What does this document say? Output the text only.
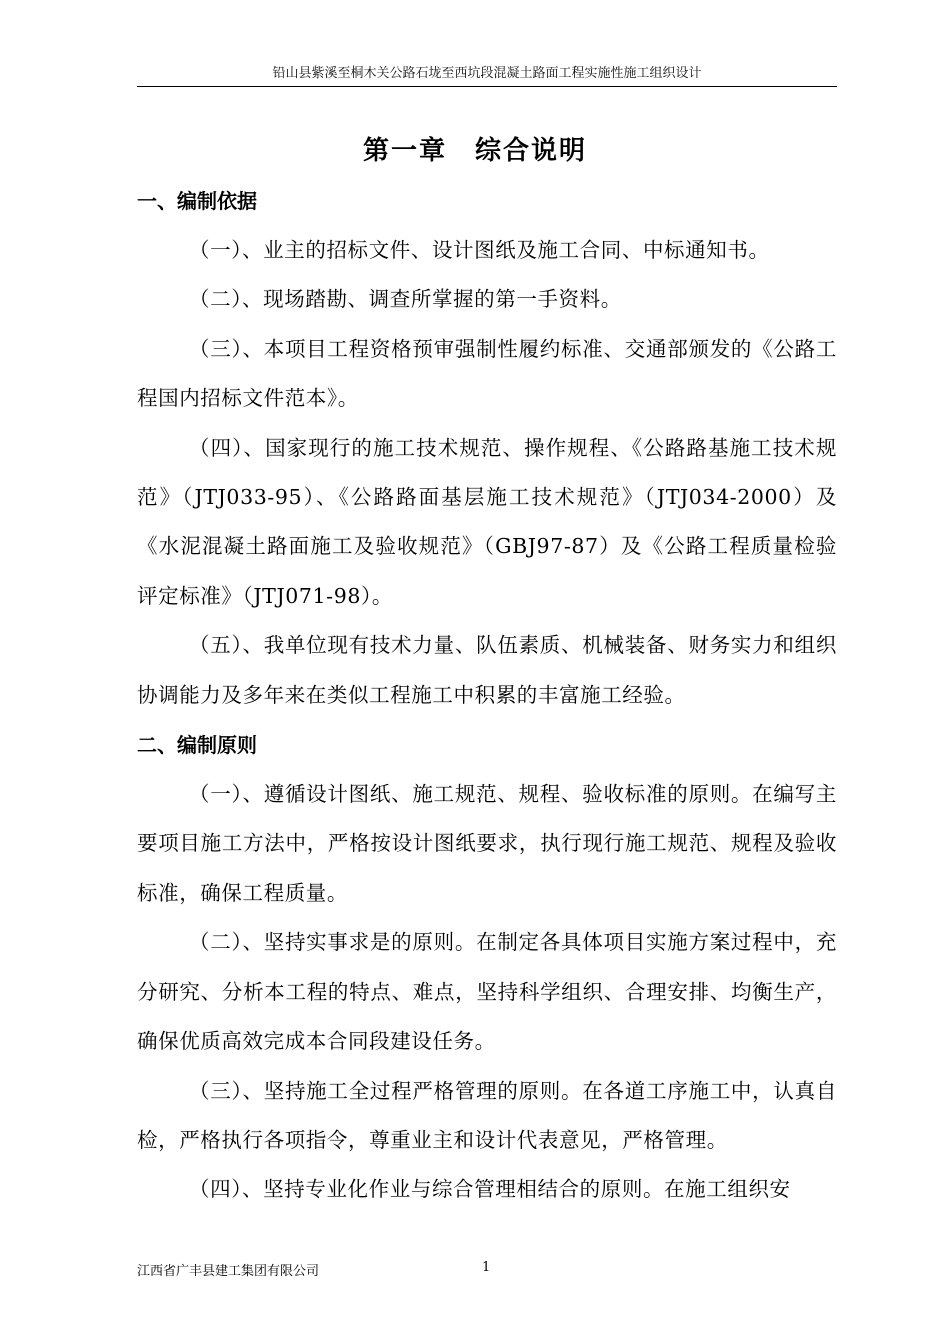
铅山县紫溪至桐木关公路石垅至西坑段混凝土路面工程实施性施工组织设计
第一章　综合说明

一、编制依据

（一）、业主的招标文件、设计图纸及施工合同、中标通知书。

（二）、现场踏勘、调查所掌握的第一手资料。

（三）、本项目工程资格预审强制性履约标准、交通部颁发的《公路工程国内招标文件范本》。

（四）、国家现行的施工技术规范、操作规程、《公路路基施工技术规范》（JTJ033-95）、《公路路面基层施工技术规范》（JTJ034-2000）及《水泥混凝土路面施工及验收规范》（GBJ97-87）及《公路工程质量检验评定标准》（JTJ071-98）。

（五）、我单位现有技术力量、队伍素质、机械装备、财务实力和组织协调能力及多年来在类似工程施工中积累的丰富施工经验。

二、编制原则

（一）、遵循设计图纸、施工规范、规程、验收标准的原则。在编写主要项目施工方法中，严格按设计图纸要求，执行现行施工规范、规程及验收标准，确保工程质量。

（二）、坚持实事求是的原则。在制定各具体项目实施方案过程中，充分研究、分析本工程的特点、难点，坚持科学组织、合理安排、均衡生产，确保优质高效完成本合同段建设任务。

（三）、坚持施工全过程严格管理的原则。在各道工序施工中，认真自检，严格执行各项指令，尊重业主和设计代表意见，严格管理。

（四）、坚持专业化作业与综合管理相结合的原则。在施工组织安

江西省广丰县建工集团有限公司	1
